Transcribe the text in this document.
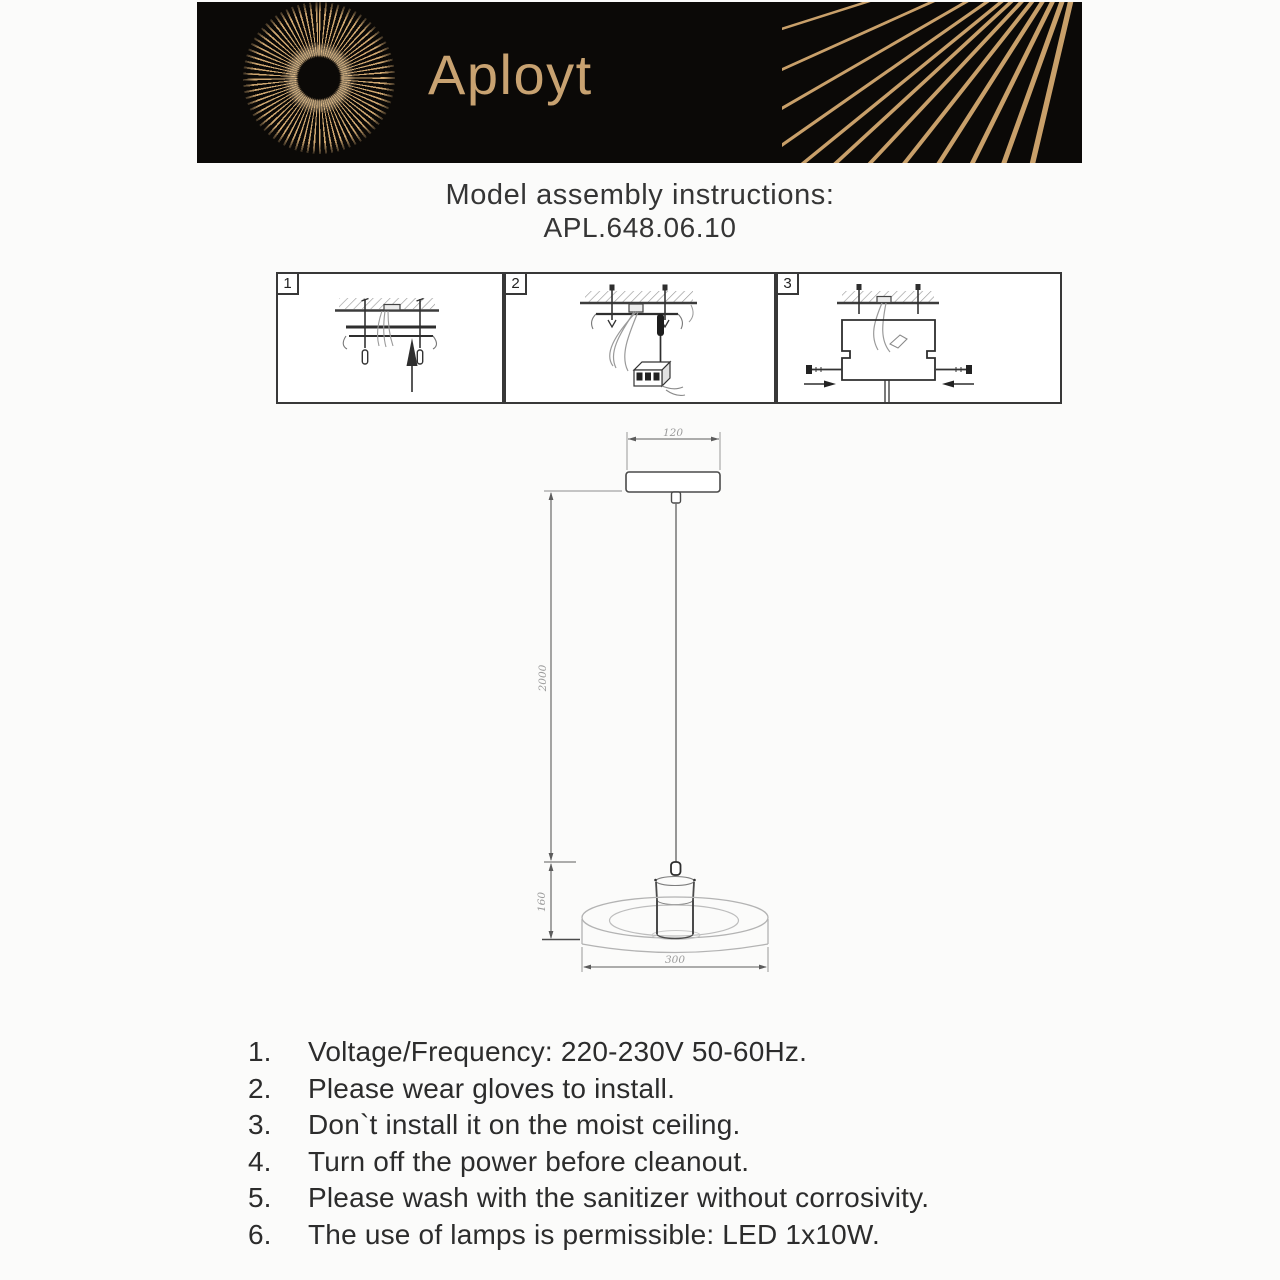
Aployt
Model assembly instructions:
APL.648.06.10
1	2	3
120
2000
160
300
1.	Voltage/Frequency: 220-230V 50-60Hz.
2.	Please wear gloves to install.
3.	Don`t install it on the moist ceiling.
4.	Turn off the power before cleanout.
5.	Please wash with the sanitizer without corrosivity.
6.	The use of lamps is permissible: LED 1x10W.
